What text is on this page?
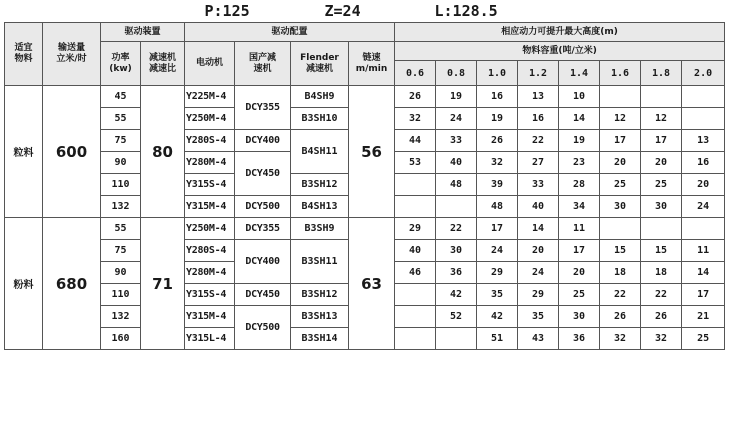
P:125	Z=24	L:128.5
适宜
物料	输送量
立米/时	驱动装置		驱动配置				相应动力可提升最大高度(m)							
		功率
(kw)	减速机
减速比	电动机	国产减
速机	Flender
减速机	链速
m/min	物料容重(吨/立米)							
								0.6	0.8	1.0	1.2	1.4	1.6	1.8	2.0
粒料	600	45	80	Y225M-4	DCY355	B4SH9	56	26	19	16	13	10			
		55		Y250M-4		B3SH10		32	24	19	16	14	12	12	
		75		Y280S-4	DCY400	B4SH11		44	33	26	22	19	17	17	13
		90		Y280M-4	DCY450			53	40	32	27	23	20	20	16
		110		Y315S-4		B3SH12			48	39	33	28	25	25	20
		132		Y315M-4	DCY500	B4SH13				48	40	34	30	30	24
粉料	680	55	71	Y250M-4	DCY355	B3SH9	63	29	22	17	14	11			
		75		Y280S-4	DCY400	B3SH11		40	30	24	20	17	15	15	11
		90		Y280M-4				46	36	29	24	20	18	18	14
		110		Y315S-4	DCY450	B3SH12			42	35	29	25	22	22	17
		132		Y315M-4	DCY500	B3SH13			52	42	35	30	26	26	21
		160		Y315L-4		B3SH14				51	43	36	32	32	25
